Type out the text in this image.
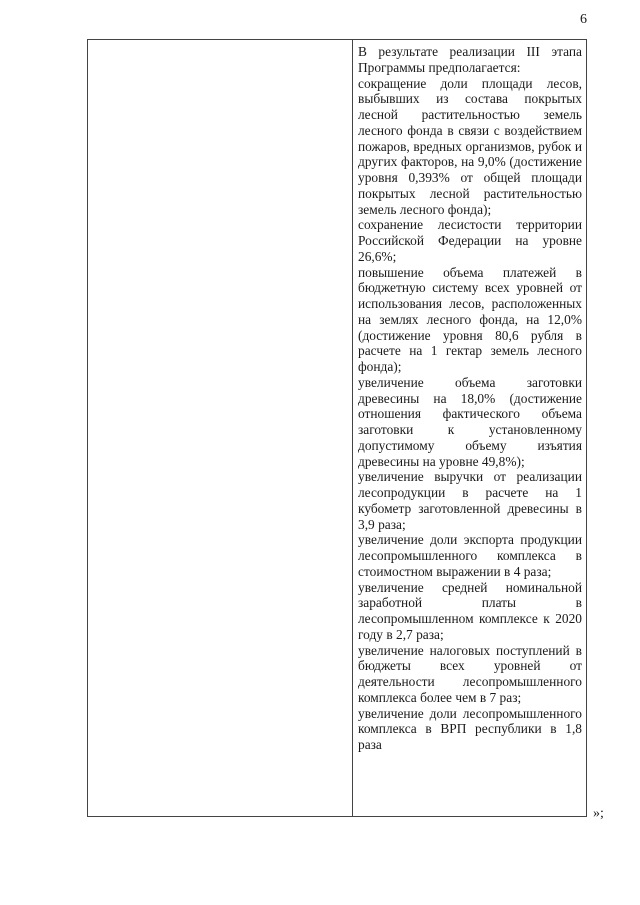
6

В результате реализации III этапа Программы предполагается:

сокращение доли площади лесов, выбывших из состава покрытых лесной растительностью земель лесного фонда в связи с воздействием пожаров, вредных организмов, рубок и других факторов, на 9,0% (достижение уровня 0,393% от общей площади покрытых лесной растительностью земель лесного фонда);

сохранение лесистости территории Российской Федерации на уровне 26,6%;

повышение объема платежей в бюджетную систему всех уровней от использования лесов, расположенных на землях лесного фонда, на 12,0% (достижение уровня 80,6 рубля в расчете на 1 гектар земель лесного фонда);

увеличение объема заготовки древесины на 18,0% (достижение отношения фактического объема заготовки к установленному допустимому объему изъятия древесины на уровне 49,8%);

увеличение выручки от реализации лесопродукции в расчете на 1 кубометр заготовленной древесины в 3,9 раза;

увеличение доли экспорта продукции лесопромышленного комплекса в стоимостном выражении в 4 раза;

увеличение средней номинальной заработной платы в лесопромышленном комплексе к 2020 году в 2,7 раза;

увеличение налоговых поступлений в бюджеты всех уровней от деятельности лесопромышленного комплекса более чем в 7 раз;

увеличение доли лесопромышленного комплекса в ВРП республики в 1,8 раза

»;
